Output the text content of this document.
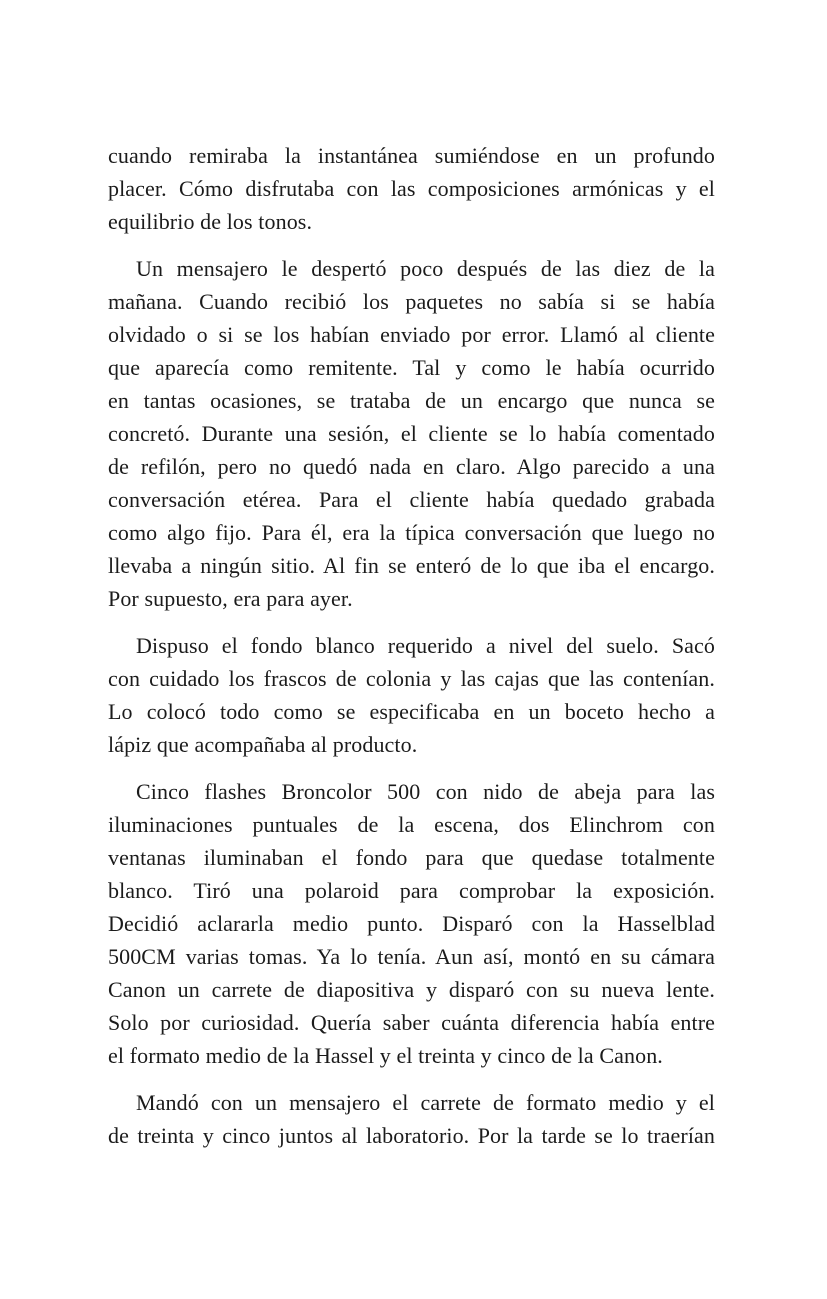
cuando remiraba la instantánea sumiéndose en un profundo
placer. Cómo disfrutaba con las composiciones armónicas y el
equilibrio de los tonos.
Un mensajero le despertó poco después de las diez de la
mañana. Cuando recibió los paquetes no sabía si se había
olvidado o si se los habían enviado por error. Llamó al cliente
que aparecía como remitente. Tal y como le había ocurrido
en tantas ocasiones, se trataba de un encargo que nunca se
concretó. Durante una sesión, el cliente se lo había comentado
de refilón, pero no quedó nada en claro. Algo parecido a una
conversación etérea. Para el cliente había quedado grabada
como algo fijo. Para él, era la típica conversación que luego no
llevaba a ningún sitio. Al fin se enteró de lo que iba el encargo.
Por supuesto, era para ayer.
Dispuso el fondo blanco requerido a nivel del suelo. Sacó
con cuidado los frascos de colonia y las cajas que las contenían.
Lo colocó todo como se especificaba en un boceto hecho a
lápiz que acompañaba al producto.
Cinco flashes Broncolor 500 con nido de abeja para las
iluminaciones puntuales de la escena, dos Elinchrom con
ventanas iluminaban el fondo para que quedase totalmente
blanco. Tiró una polaroid para comprobar la exposición.
Decidió aclararla medio punto. Disparó con la Hasselblad
500CM varias tomas. Ya lo tenía. Aun así, montó en su cámara
Canon un carrete de diapositiva y disparó con su nueva lente.
Solo por curiosidad. Quería saber cuánta diferencia había entre
el formato medio de la Hassel y el treinta y cinco de la Canon.
Mandó con un mensajero el carrete de formato medio y el
de treinta y cinco juntos al laboratorio. Por la tarde se lo traerían
